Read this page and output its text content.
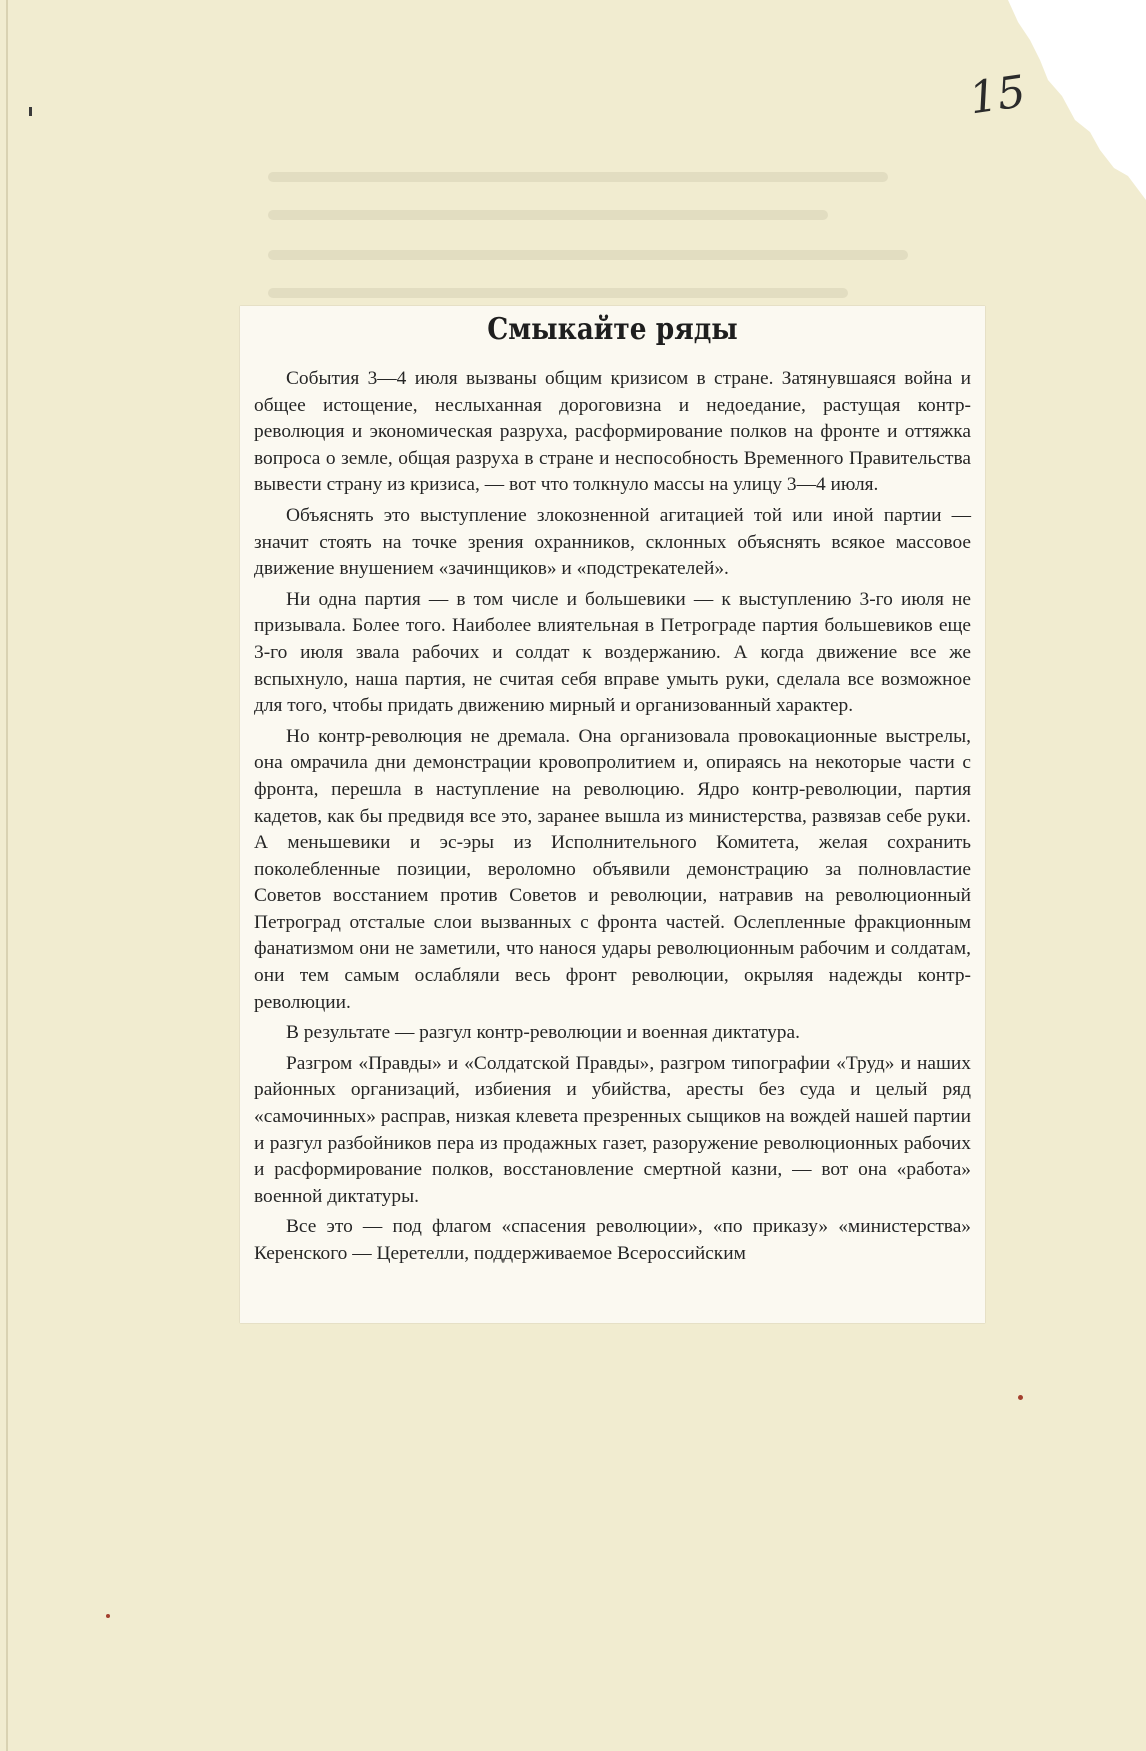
15
Смыкайте ряды

События 3—4 июля вызваны общим кризисом в стране. Затянувшаяся война и общее истощение, неслыханная дороговизна и недоедание, растущая контр-революция и экономическая разруха, расформирование полков на фронте и оттяжка вопроса о земле, общая разруха в стране и неспособность Временного Правительства вывести страну из кризиса, — вот что толкнуло массы на улицу 3—4 июля.

Объяснять это выступление злокозненной агитацией той или иной партии —значит стоять на точке зрения охранников, склонных объяснять всякое массовое движение внушением «зачинщиков» и «подстрекателей».

Ни одна партия — в том числе и большевики — к выступлению 3-го июля не призывала. Более того. Наиболее влиятельная в Петрограде партия большевиков еще 3-го июля звала рабочих и солдат к воздержанию. А когда движение все же вспыхнуло, наша партия, не считая себя вправе умыть руки, сделала все возможное для того, чтобы придать движению мирный и организованный характер.

Но контр-революция не дремала. Она организовала провокационные выстрелы, она омрачила дни демонстрации кровопролитием и, опираясь на некоторые части с фронта, перешла в наступление на революцию. Ядро контр-революции, партия кадетов, как бы предвидя все это, заранее вышла из министерства, развязав себе руки. А меньшевики и эс-эры из Исполнительного Комитета, желая сохранить поколебленные позиции, вероломно объявили демонстрацию за полновластие Советов восстанием против Советов и революции, натравив на революционный Петроград отсталые слои вызванных с фронта частей. Ослепленные фракционным фанатизмом они не заметили, что нанося удары революционным рабочим и солдатам, они тем самым ослабляли весь фронт революции, окрыляя надежды контр-революции.

В результате — разгул контр-революции и военная диктатура.

Разгром «Правды» и «Солдатской Правды», разгром типографии «Труд» и наших районных организаций, избиения и убийства, аресты без суда и целый ряд «самочинных» расправ, низкая клевета презренных сыщиков на вождей нашей партии и разгул разбойников пера из продажных газет, разоружение революционных рабочих и расформирование полков, восстановление смертной казни, — вот она «работа» военной диктатуры.

Все это — под флагом «спасения революции», «по приказу» «министерства» Керенского — Церетелли, поддерживаемое Всероссийским
